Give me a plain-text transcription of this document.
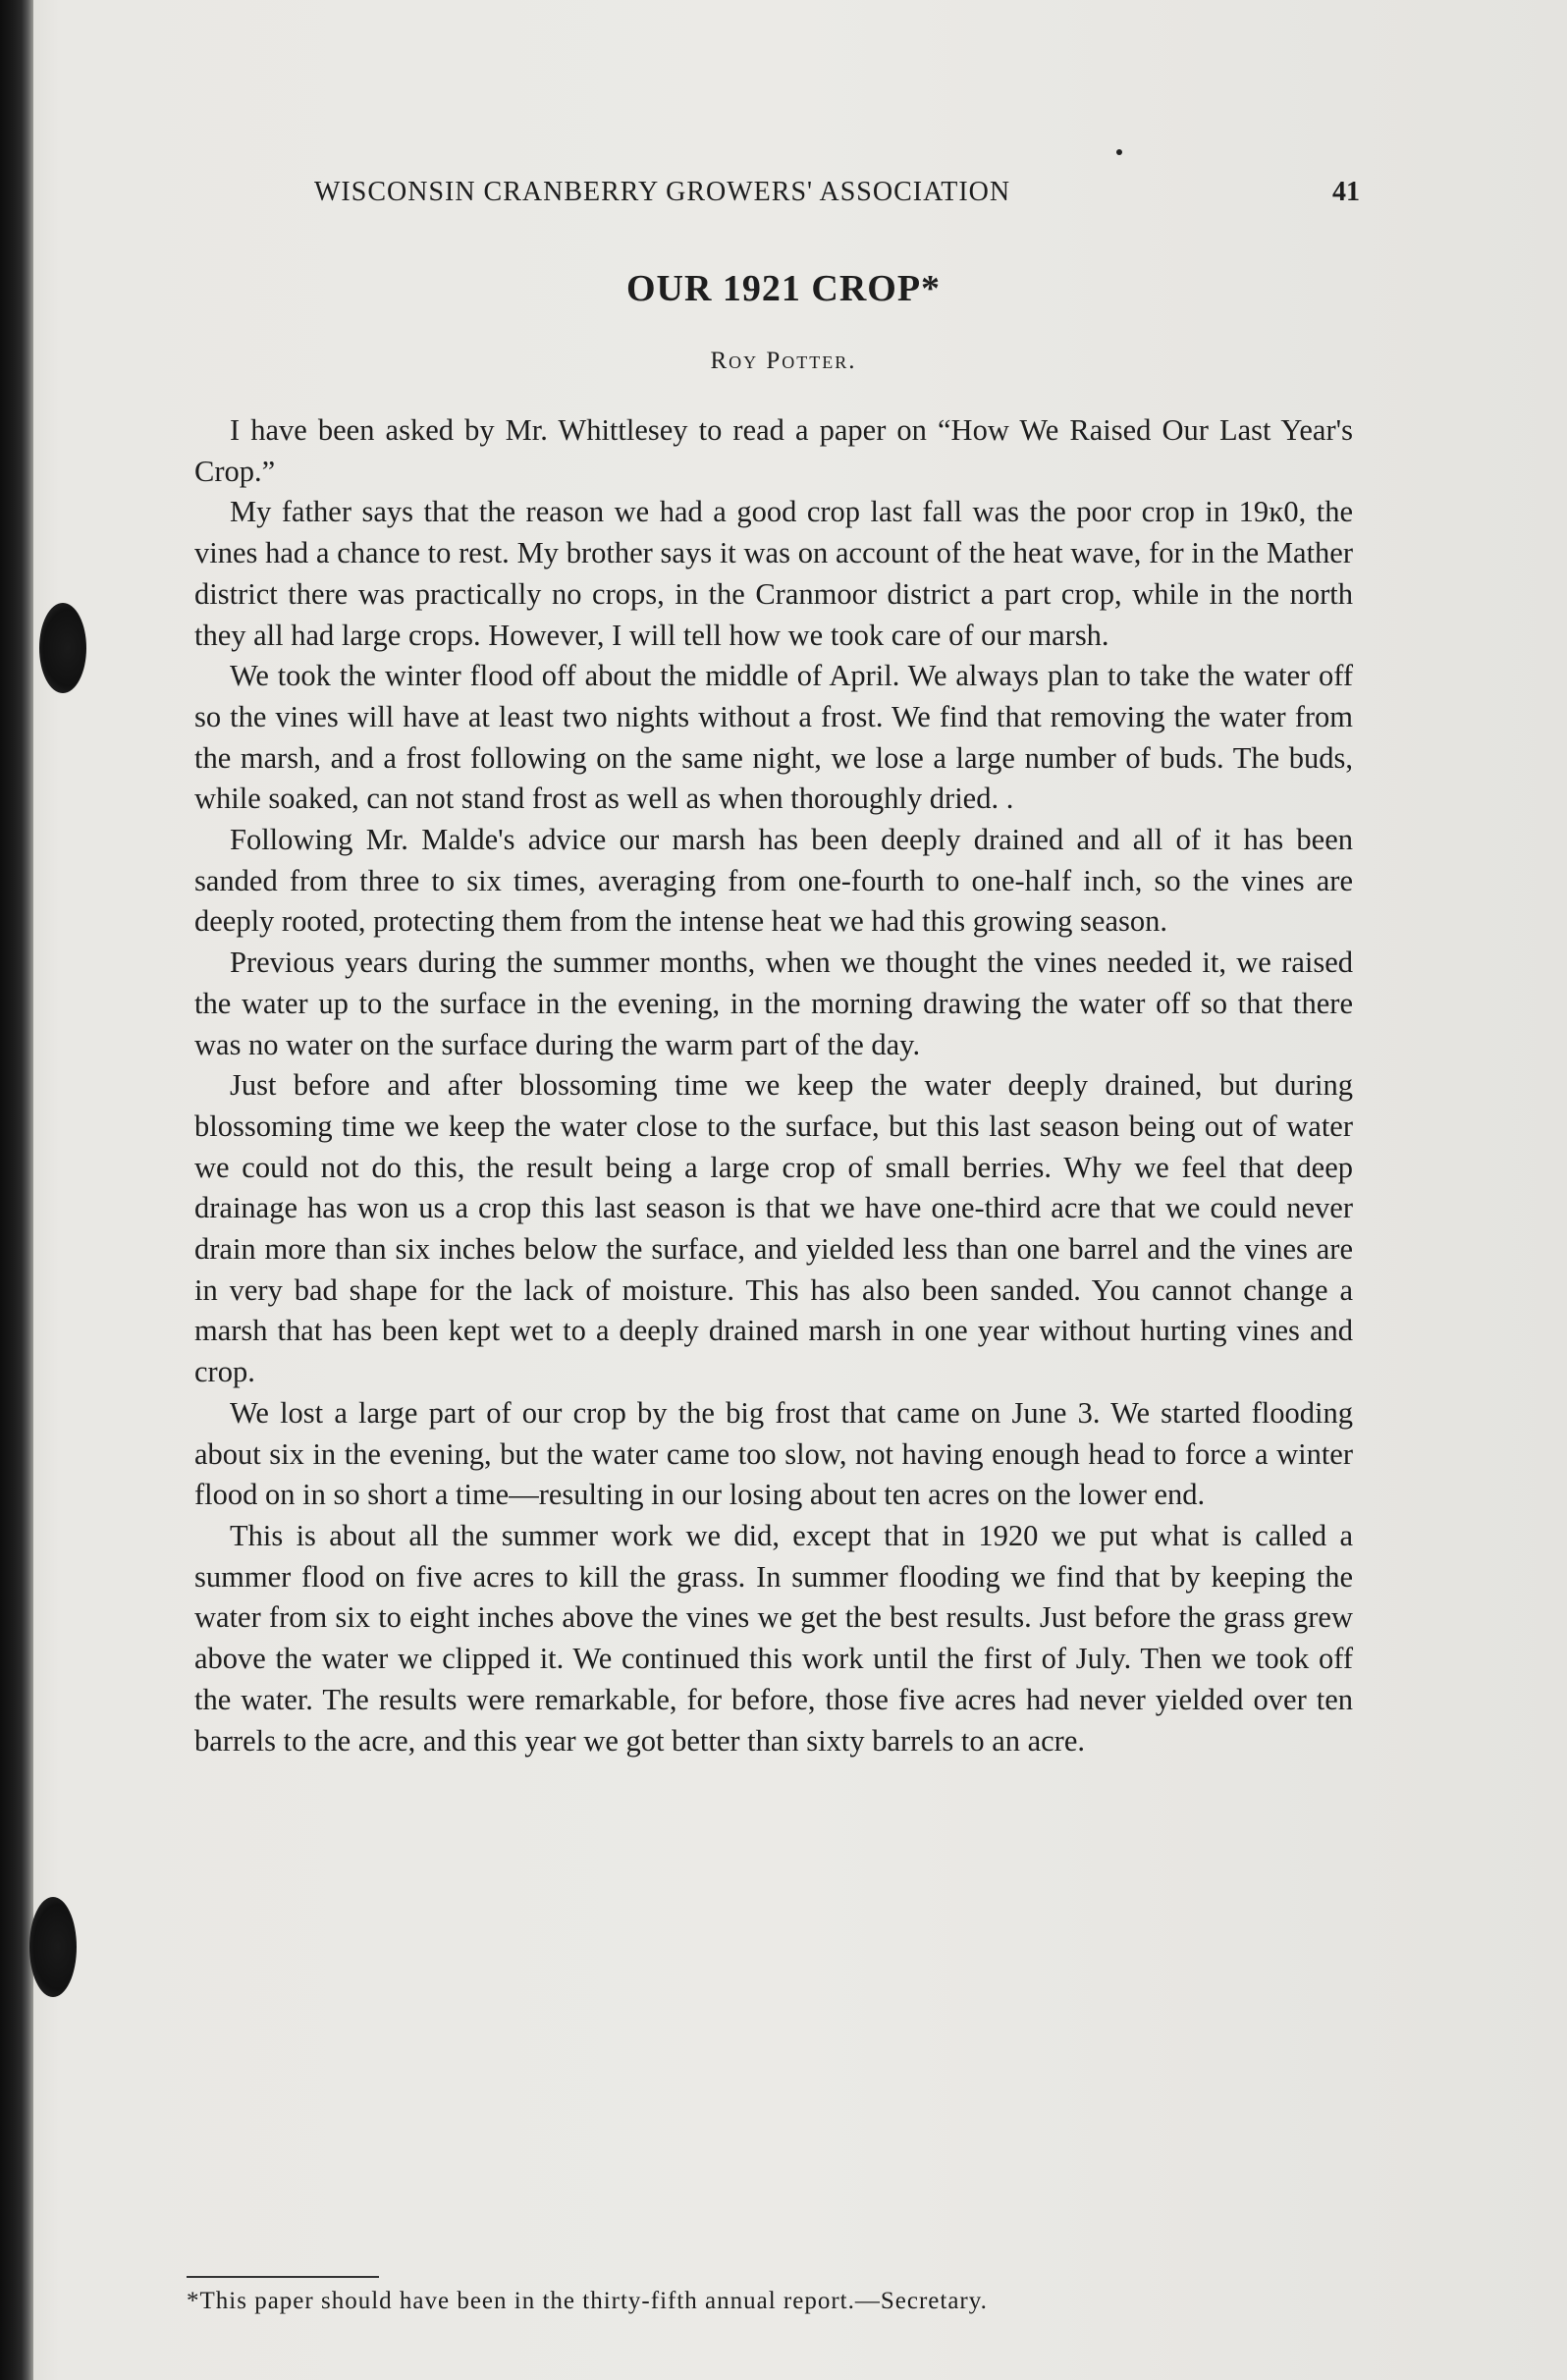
WISCONSIN CRANBERRY GROWERS' ASSOCIATION	41
OUR 1921 CROP*
Roy Potter.

I have been asked by Mr. Whittlesey to read a paper on “How We Raised Our Last Year's Crop.”

My father says that the reason we had a good crop last fall was the poor crop in 19ĸ0, the vines had a chance to rest. My brother says it was on account of the heat wave, for in the Mather district there was practically no crops, in the Cranmoor district a part crop, while in the north they all had large crops. However, I will tell how we took care of our marsh.

We took the winter flood off about the middle of April. We always plan to take the water off so the vines will have at least two nights without a frost. We find that removing the water from the marsh, and a frost following on the same night, we lose a large number of buds. The buds, while soaked, can not stand frost as well as when thoroughly dried. .

Following Mr. Malde's advice our marsh has been deeply drained and all of it has been sanded from three to six times, averaging from one-fourth to one-half inch, so the vines are deeply rooted, protecting them from the intense heat we had this growing season.

Previous years during the summer months, when we thought the vines needed it, we raised the water up to the surface in the evening, in the morning drawing the water off so that there was no water on the surface during the warm part of the day.

Just before and after blossoming time we keep the water deeply drained, but during blossoming time we keep the water close to the surface, but this last season being out of water we could not do this, the result being a large crop of small berries. Why we feel that deep drainage has won us a crop this last season is that we have one-third acre that we could never drain more than six inches below the surface, and yielded less than one barrel and the vines are in very bad shape for the lack of moisture. This has also been sanded. You cannot change a marsh that has been kept wet to a deeply drained marsh in one year without hurting vines and crop.

We lost a large part of our crop by the big frost that came on June 3. We started flooding about six in the evening, but the water came too slow, not having enough head to force a winter flood on in so short a time—resulting in our losing about ten acres on the lower end.

This is about all the summer work we did, except that in 1920 we put what is called a summer flood on five acres to kill the grass. In summer flooding we find that by keeping the water from six to eight inches above the vines we get the best results. Just before the grass grew above the water we clipped it. We continued this work until the first of July. Then we took off the water. The results were remarkable, for before, those five acres had never yielded over ten barrels to the acre, and this year we got better than sixty barrels to an acre.

*This paper should have been in the thirty-fifth annual report.—Secretary.
